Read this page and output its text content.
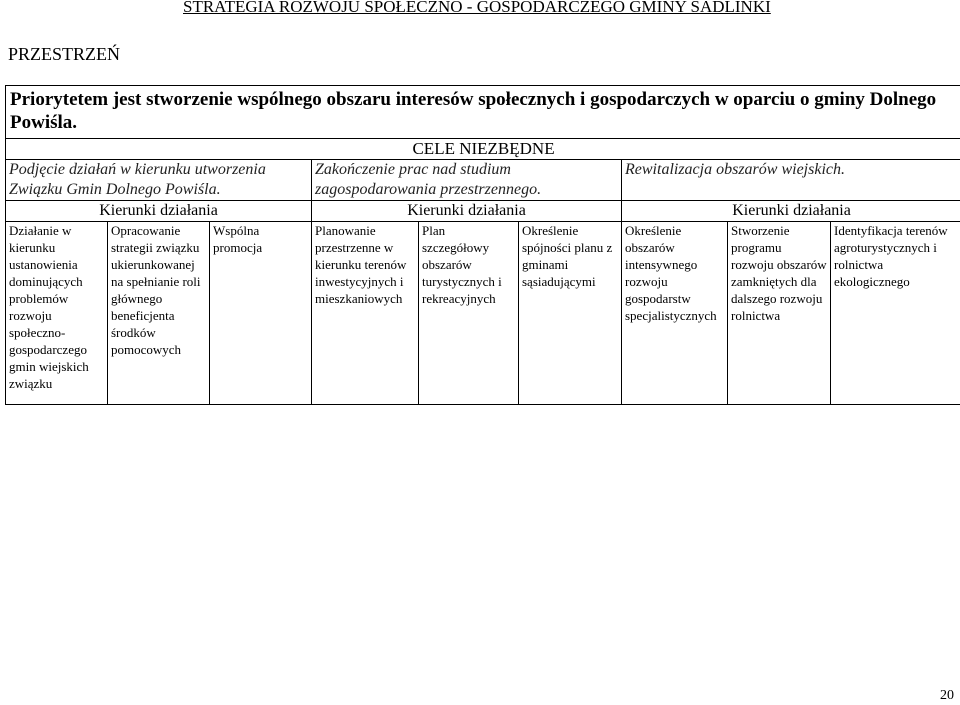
STRATEGIA ROZWOJU SPOŁECZNO - GOSPODARCZEGO GMINY SADLINKI
PRZESTRZEŃ
Priorytetem jest stworzenie wspólnego obszaru interesów społecznych i gospodarczych w oparciu o gminy Dolnego Powiśla.								
CELE NIEZBĘDNE								
Podjęcie działań w kierunku utworzenia Związku Gmin Dolnego Powiśla.			Zakończenie prac nad studium zagospodarowania przestrzennego.			Rewitalizacja obszarów wiejskich.		
Kierunki działania			Kierunki działania			Kierunki działania		
Działanie w kierunku ustanowienia dominujących problemów rozwoju społeczno-gospodarczego gmin wiejskich związku	Opracowanie strategii związku ukierunkowanej na spełnianie roli głównego beneficjenta środków pomocowych	Wspólna promocja	Planowanie przestrzenne w kierunku terenów inwestycyjnych i mieszkaniowych	Plan szczegółowy obszarów turystycznych i rekreacyjnych	Określenie spójności planu z gminami sąsiadującymi	Określenie obszarów intensywnego rozwoju gospodarstw specjalistycznych	Stworzenie programu rozwoju obszarów zamkniętych dla dalszego rozwoju rolnictwa	Identyfikacja terenów agroturystycznych i rolnictwa ekologicznego
20
